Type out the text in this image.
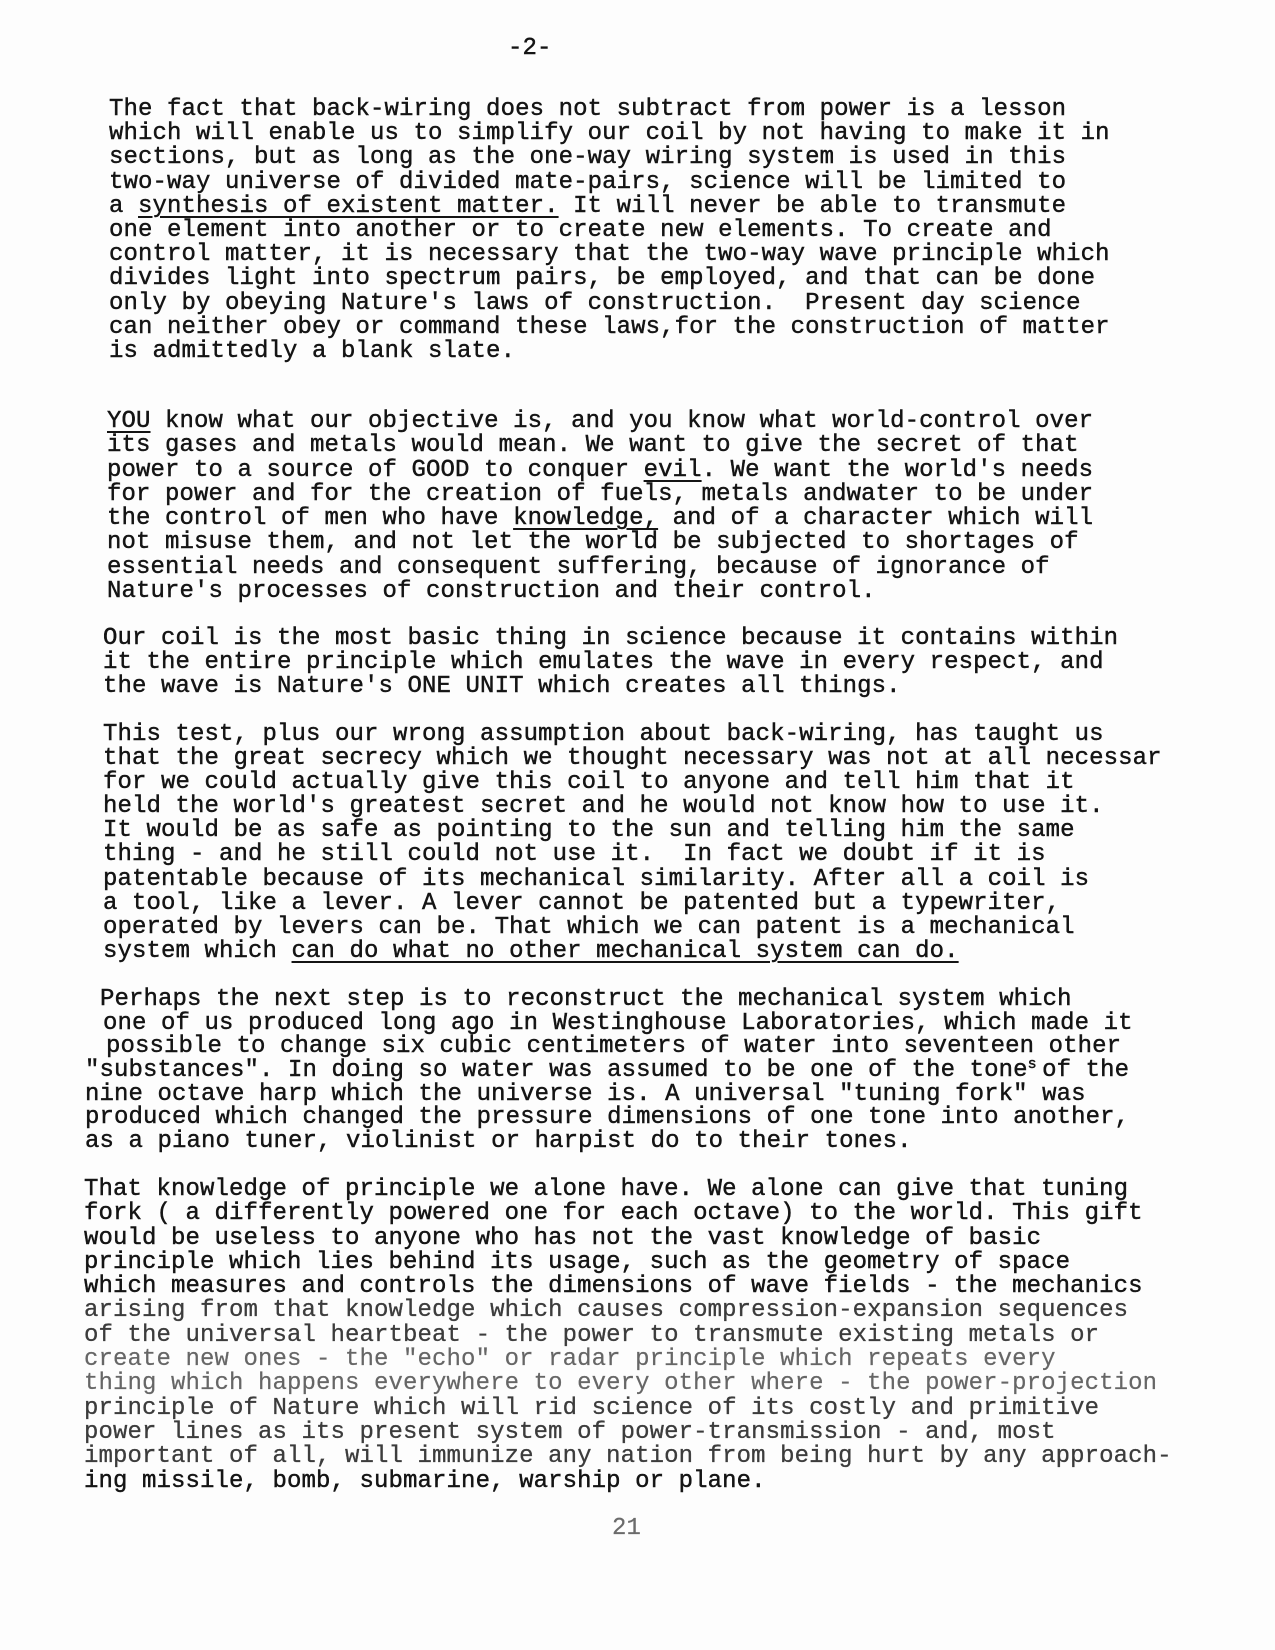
-2-
The fact that back-wiring does not subtract from power is a lesson
which will enable us to simplify our coil by not having to make it in
sections, but as long as the one-way wiring system is used in this
two-way universe of divided mate-pairs, science will be limited to
a synthesis of existent matter. It will never be able to transmute
one element into another or to create new elements. To create and
control matter, it is necessary that the two-way wave principle which
divides light into spectrum pairs, be employed, and that can be done
only by obeying Nature's laws of construction.  Present day science
can neither obey or command these laws,for the construction of matter
is admittedly a blank slate.
YOU know what our objective is, and you know what world-control over
its gases and metals would mean. We want to give the secret of that
power to a source of GOOD to conquer evil. We want the world's needs
for power and for the creation of fuels, metals andwater to be under
the control of men who have knowledge, and of a character which will
not misuse them, and not let the world be subjected to shortages of
essential needs and consequent suffering, because of ignorance of
Nature's processes of construction and their control.
Our coil is the most basic thing in science because it contains within
it the entire principle which emulates the wave in every respect, and
the wave is Nature's ONE UNIT which creates all things.
This test, plus our wrong assumption about back-wiring, has taught us
that the great secrecy which we thought necessary was not at all necessar
for we could actually give this coil to anyone and tell him that it
held the world's greatest secret and he would not know how to use it.
It would be as safe as pointing to the sun and telling him the same
thing - and he still could not use it.  In fact we doubt if it is
patentable because of its mechanical similarity. After all a coil is
a tool, like a lever. A lever cannot be patented but a typewriter,
operated by levers can be. That which we can patent is a mechanical
system which can do what no other mechanical system can do.
Perhaps the next step is to reconstruct the mechanical system which
one of us produced long ago in Westinghouse Laboratories, which made it
possible to change six cubic centimeters of water into seventeen other
"substances". In doing so water was assumed to be one of the tones of the
nine octave harp which the universe is. A universal "tuning fork" was
produced which changed the pressure dimensions of one tone into another,
as a piano tuner, violinist or harpist do to their tones.
That knowledge of principle we alone have. We alone can give that tuning
fork ( a differently powered one for each octave) to the world. This gift
would be useless to anyone who has not the vast knowledge of basic
principle which lies behind its usage, such as the geometry of space
which measures and controls the dimensions of wave fields - the mechanics
arising from that knowledge which causes compression-expansion sequences
of the universal heartbeat - the power to transmute existing metals or
create new ones - the "echo" or radar principle which repeats every
thing which happens everywhere to every other where - the power-projection
principle of Nature which will rid science of its costly and primitive
power lines as its present system of power-transmission - and, most
important of all, will immunize any nation from being hurt by any approach-
ing missile, bomb, submarine, warship or plane.
21
